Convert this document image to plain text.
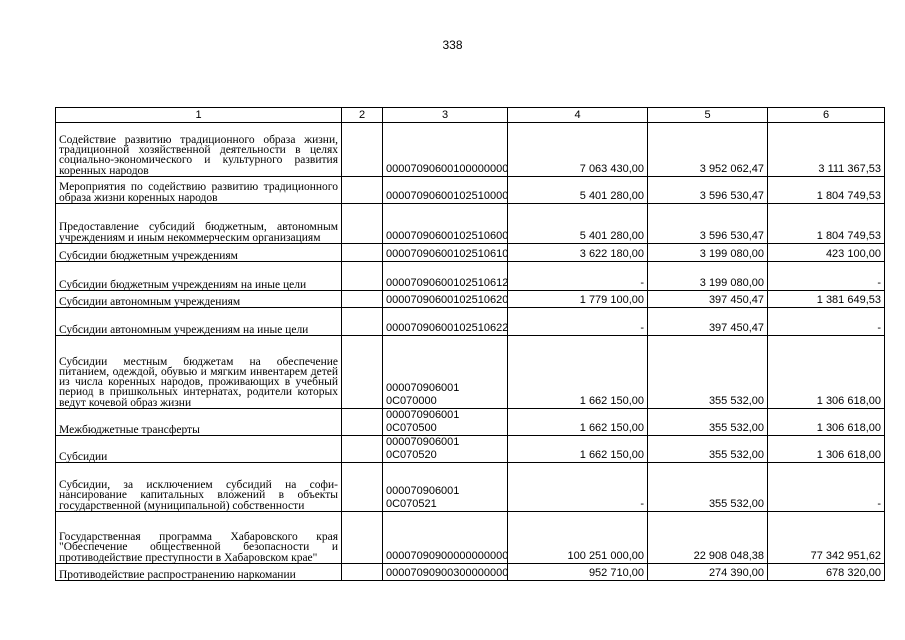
338
1	2	3	4	5	6
Содействие развитию традиционного образа жизни, традиционной хозяйственной деятельности в целях социально-экономического и культурного развития коренных народов		00007090600100000000	7 063 430,00	3 952 062,47	3 111 367,53
Мероприятия по содействию развитию традиционного образа жизни коренных народов		00007090600102510000	5 401 280,00	3 596 530,47	1 804 749,53
Предоставление субсидий бюджетным, автономным учреждениям и иным некоммерческим организациям		00007090600102510600	5 401 280,00	3 596 530,47	1 804 749,53
Субсидии бюджетным учреждениям		00007090600102510610	3 622 180,00	3 199 080,00	423 100,00
Субсидии бюджетным учреждениям на иные цели		00007090600102510612	-	3 199 080,00	-
Субсидии автономным учреждениям		00007090600102510620	1 779 100,00	397 450,47	1 381 649,53
Субсидии автономным учреждениям на иные цели		00007090600102510622	-	397 450,47	-
Субсидии местным бюджетам на обеспечение питанием, одеждой, обувью и мягким инвентарем детей из числа коренных народов, проживающих в учебный период в пришкольных интернатах, родители которых ведут кочевой образ жизни		000070906001 0С070000	1 662 150,00	355 532,00	1 306 618,00
Межбюджетные трансферты		000070906001 0С070500	1 662 150,00	355 532,00	1 306 618,00
Субсидии		000070906001 0С070520	1 662 150,00	355 532,00	1 306 618,00
Субсидии, за исключением субсидий на софинансирование капитальных вложений в объекты государственной (муниципальной) собственности		000070906001 0С070521	-	355 532,00	-
Государственная программа Хабаровского края "Обеспечение общественной безопасности и противодействие преступности в Хабаровском крае"		00007090900000000000	100 251 000,00	22 908 048,38	77 342 951,62
Противодействие распространению наркомании		00007090900300000000	952 710,00	274 390,00	678 320,00
